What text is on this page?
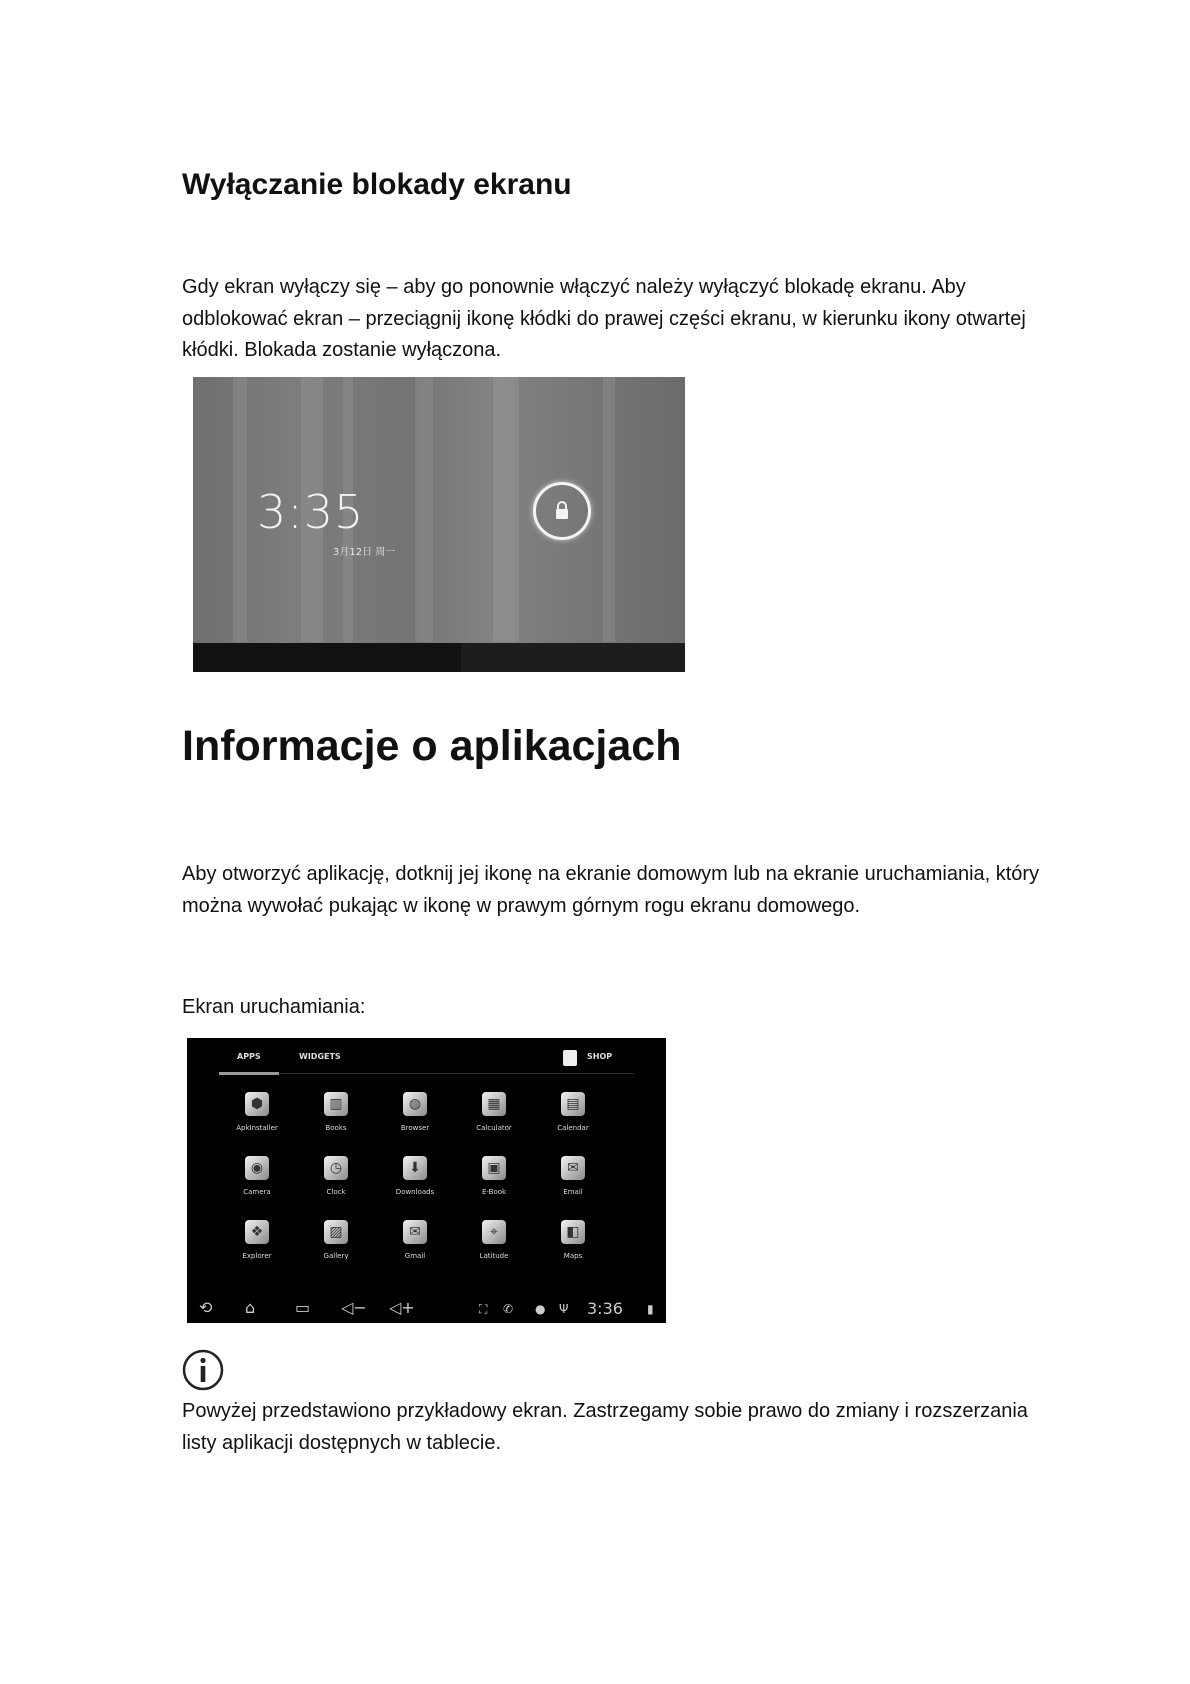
Wyłączanie blokady ekranu

Gdy ekran wyłączy się – aby go ponownie włączyć należy wyłączyć blokadę ekranu. Aby odblokować ekran – przeciągnij ikonę kłódki do prawej części ekranu, w kierunku ikony otwartej kłódki. Blokada zostanie wyłączona.

3:35
3月12日 周一
Informacje o aplikacjach

Aby otworzyć aplikację, dotknij jej ikonę na ekranie domowym lub na ekranie uruchamiania, który można wywołać pukając w ikonę w prawym górnym rogu ekranu domowego.

Ekran uruchamiania:

APPS	WIDGETS	SHOP
⬢
ApkInstaller
▥
Books
◍
Browser
▦
Calculator
▤
Calendar
◉
Camera
◷
Clock
⬇
Downloads
▣
E-Book
✉
Email
❖
Explorer
▨
Gallery
✉
Gmail
⌖
Latitude
◧
Maps
⟲ ⌂ ▭ ◁− ◁+	⛶ ✆ ● Ψ 3:36 ▮

Powyżej przedstawiono przykładowy ekran. Zastrzegamy sobie prawo do zmiany i rozszerzania listy aplikacji dostępnych w tablecie.
